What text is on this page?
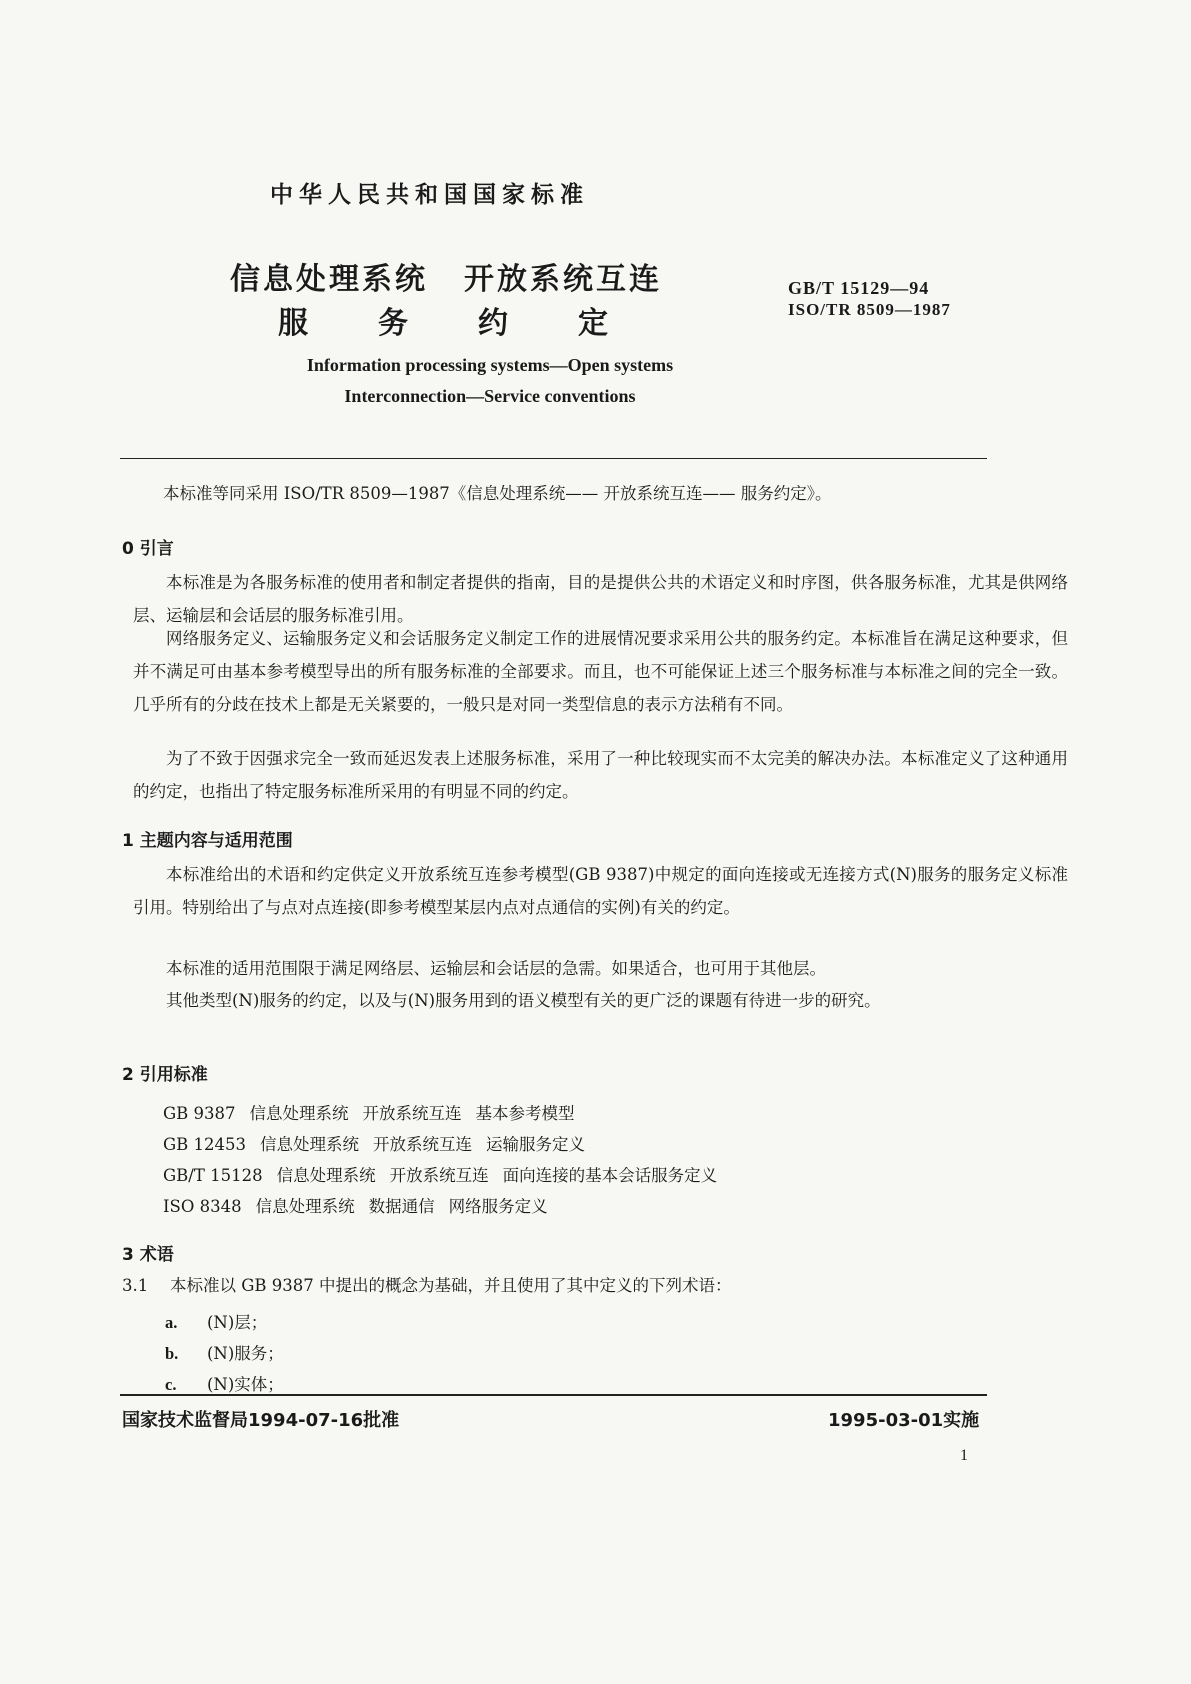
中华人民共和国国家标准
信息处理系统 开放系统互连
服 务 约 定
GB/T 15129—94
ISO/TR 8509—1987
Information processing systems—Open systems
Interconnection—Service conventions
本标准等同采用 ISO/TR 8509—1987《信息处理系统—— 开放系统互连—— 服务约定》。
0 引言
本标准是为各服务标准的使用者和制定者提供的指南，目的是提供公共的术语定义和时序图，供各服务标准，尤其是供网络层、运输层和会话层的服务标准引用。
网络服务定义、运输服务定义和会话服务定义制定工作的进展情况要求采用公共的服务约定。本标准旨在满足这种要求，但并不满足可由基本参考模型导出的所有服务标准的全部要求。而且，也不可能保证上述三个服务标准与本标准之间的完全一致。几乎所有的分歧在技术上都是无关紧要的，一般只是对同一类型信息的表示方法稍有不同。
为了不致于因强求完全一致而延迟发表上述服务标准，采用了一种比较现实而不太完美的解决办法。本标准定义了这种通用的约定，也指出了特定服务标准所采用的有明显不同的约定。
1 主题内容与适用范围
本标准给出的术语和约定供定义开放系统互连参考模型(GB 9387)中规定的面向连接或无连接方式(N)服务的服务定义标准引用。特别给出了与点对点连接(即参考模型某层内点对点通信的实例)有关的约定。
本标准的适用范围限于满足网络层、运输层和会话层的急需。如果适合，也可用于其他层。
其他类型(N)服务的约定，以及与(N)服务用到的语义模型有关的更广泛的课题有待进一步的研究。
2 引用标准
GB 9387 信息处理系统 开放系统互连 基本参考模型
GB 12453 信息处理系统 开放系统互连 运输服务定义
GB/T 15128 信息处理系统 开放系统互连 面向连接的基本会话服务定义
ISO 8348 信息处理系统 数据通信 网络服务定义
3 术语
3.1 本标准以 GB 9387 中提出的概念为基础，并且使用了其中定义的下列术语：
a. (N)层；
b. (N)服务；
c. (N)实体；
国家技术监督局1994-07-16批准	1995-03-01实施
1
